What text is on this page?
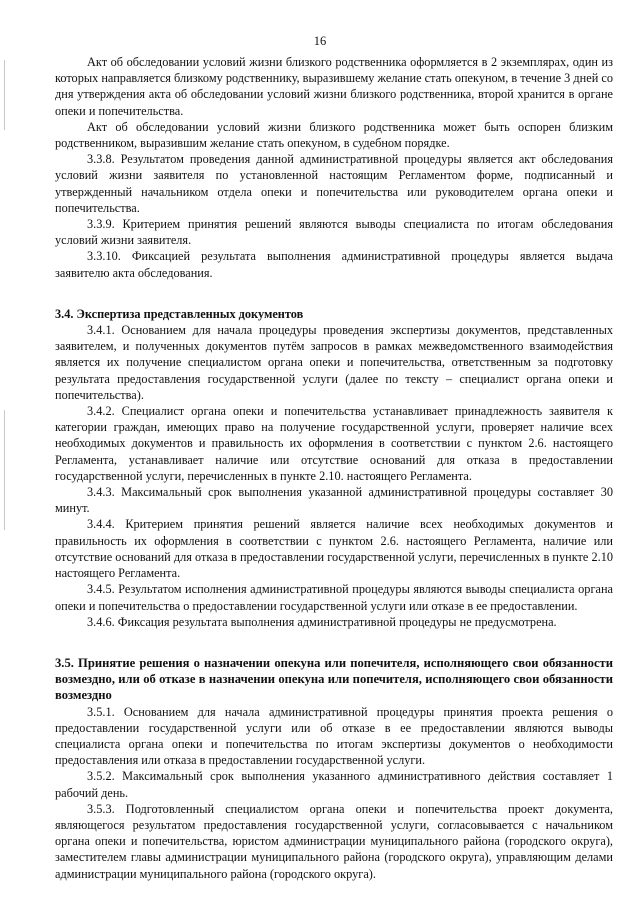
16

Акт об обследовании условий жизни близкого родственника оформляется в 2 экземплярах, один из которых направляется близкому родственнику, выразившему желание стать опекуном, в течение 3 дней со дня утверждения акта об обследовании условий жизни близкого родственника, второй хранится в органе опеки и попечительства.

Акт об обследовании условий жизни близкого родственника может быть оспорен близким родственником, выразившим желание стать опекуном, в судебном порядке.

3.3.8. Результатом проведения данной административной процедуры является акт обследования условий жизни заявителя по установленной настоящим Регламентом форме, подписанный и утвержденный начальником отдела опеки и попечительства или руководителем органа опеки и попечительства.

3.3.9. Критерием принятия решений являются выводы специалиста по итогам обследования условий жизни заявителя.

3.3.10. Фиксацией результата выполнения административной процедуры является выдача заявителю акта обследования.

3.4. Экспертиза представленных документов

3.4.1. Основанием для начала процедуры проведения экспертизы документов, представленных заявителем, и полученных документов путём запросов в рамках межведомственного взаимодействия является их получение специалистом органа опеки и попечительства, ответственным за подготовку результата предоставления государственной услуги (далее по тексту – специалист органа опеки и попечительства).

3.4.2. Специалист органа опеки и попечительства устанавливает принадлежность заявителя к категории граждан, имеющих право на получение государственной услуги, проверяет наличие всех необходимых документов и правильность их оформления в соответствии с пунктом 2.6. настоящего Регламента, устанавливает наличие или отсутствие оснований для отказа в предоставлении государственной услуги, перечисленных в пункте 2.10. настоящего Регламента.

3.4.3. Максимальный срок выполнения указанной административной процедуры составляет 30 минут.

3.4.4. Критерием принятия решений является наличие всех необходимых документов и правильность их оформления в соответствии с пунктом 2.6. настоящего Регламента, наличие или отсутствие оснований для отказа в предоставлении государственной услуги, перечисленных в пункте 2.10 настоящего Регламента.

3.4.5. Результатом исполнения административной процедуры являются выводы специалиста органа опеки и попечительства о предоставлении государственной услуги или отказе в ее предоставлении.

3.4.6. Фиксация результата выполнения административной процедуры не предусмотрена.

3.5. Принятие решения о назначении опекуна или попечителя, исполняющего свои обязанности возмездно, или об отказе в назначении опекуна или попечителя, исполняющего свои обязанности возмездно

3.5.1. Основанием для начала административной процедуры принятия проекта решения о предоставлении государственной услуги или об отказе в ее предоставлении являются выводы специалиста органа опеки и попечительства по итогам экспертизы документов о необходимости предоставления или отказа в предоставлении государственной услуги.

3.5.2. Максимальный срок выполнения указанного административного действия составляет 1 рабочий день.

3.5.3. Подготовленный специалистом органа опеки и попечительства проект документа, являющегося результатом предоставления государственной услуги, согласовывается с начальником органа опеки и попечительства, юристом администрации муниципального района (городского округа), заместителем главы администрации муниципального района (городского округа), управляющим делами администрации муниципального района (городского округа).
